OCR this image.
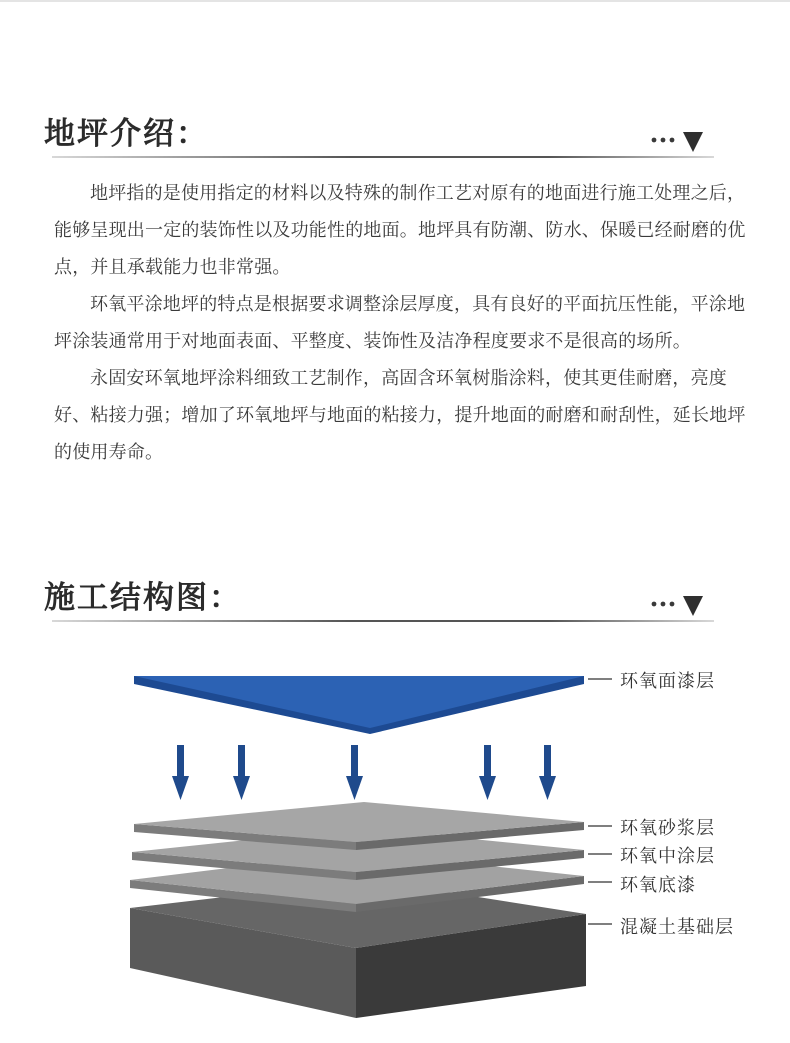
地坪介绍：

地坪指的是使用指定的材料以及特殊的制作工艺对原有的地面进行施工处理之后，能够呈现出一定的装饰性以及功能性的地面。地坪具有防潮、防水、保暖已经耐磨的优点，并且承载能力也非常强。

环氧平涂地坪的特点是根据要求调整涂层厚度，具有良好的平面抗压性能，平涂地坪涂装通常用于对地面表面、平整度、装饰性及洁净程度要求不是很高的场所。

永固安环氧地坪涂料细致工艺制作，高固含环氧树脂涂料，使其更佳耐磨，亮度好、粘接力强；增加了环氧地坪与地面的粘接力，提升地面的耐磨和耐刮性，延长地坪的使用寿命。

施工结构图：
环氧面漆层
环氧砂浆层
环氧中涂层
环氧底漆
混凝土基础层
